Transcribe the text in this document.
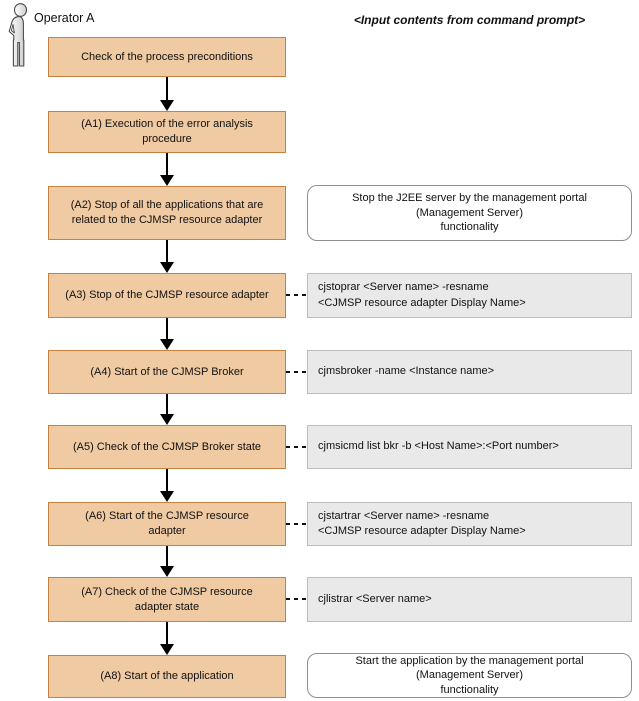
Operator A	<Input contents from command prompt>
Check of the process preconditions
(A1) Execution of the error analysis procedure
(A2) Stop of all the applications that are related to the CJMSP resource adapter
(A3) Stop of the CJMSP resource adapter
(A4) Start of the CJMSP Broker
(A5) Check of the CJMSP Broker state
(A6) Start of the CJMSP resource adapter
(A7) Check of the CJMSP resource adapter state
(A8) Start of the application
Stop the J2EE server by the management portal
(Management Server)
functionality
Start the application by the management portal
(Management Server)
functionality
cjstoprar <Server name> -resname
<CJMSP resource adapter Display Name>
cjmsbroker -name <Instance name>
cjmsicmd list bkr -b <Host Name>:<Port number>
cjstartrar <Server name> -resname
<CJMSP resource adapter Display Name>
cjlistrar <Server name>
